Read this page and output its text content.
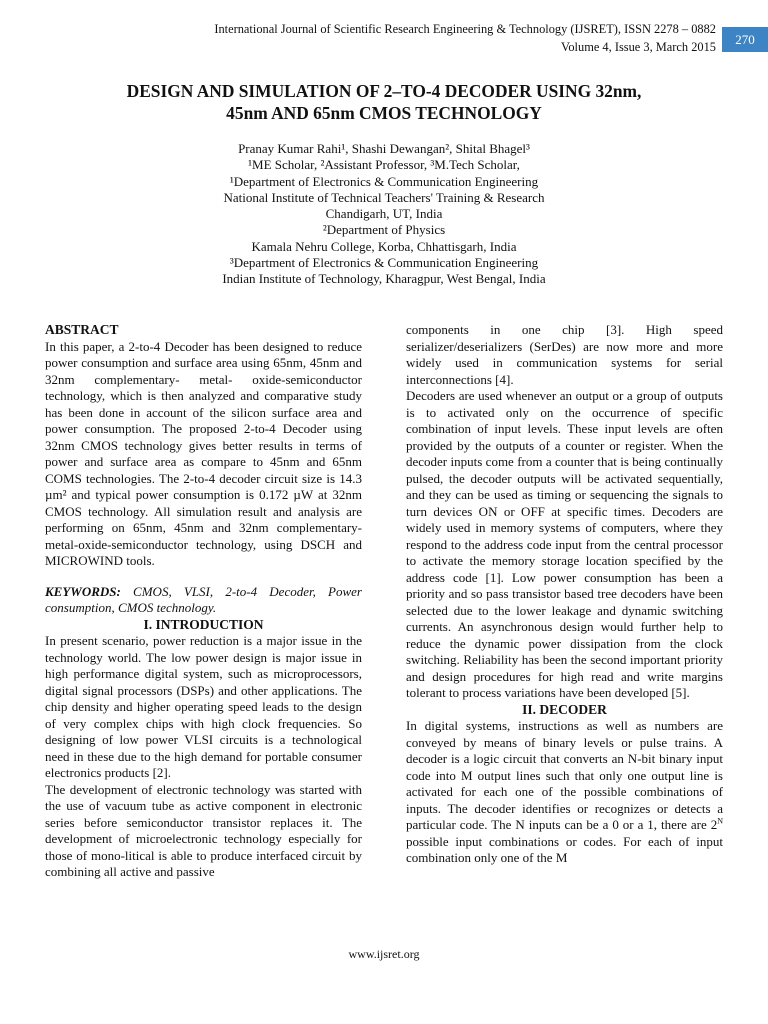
International Journal of Scientific Research Engineering & Technology (IJSRET), ISSN 2278 – 0882
Volume 4, Issue 3, March 2015	270
DESIGN AND SIMULATION OF 2–TO-4 DECODER USING 32nm,
45nm AND 65nm CMOS TECHNOLOGY
Pranay Kumar Rahi¹, Shashi Dewangan², Shital Bhagel³
¹ME Scholar, ²Assistant Professor, ³M.Tech Scholar,
¹Department of Electronics & Communication Engineering
National Institute of Technical Teachers' Training & Research
Chandigarh, UT, India
²Department of Physics
Kamala Nehru College, Korba, Chhattisgarh, India
³Department of Electronics & Communication Engineering
Indian Institute of Technology, Kharagpur, West Bengal, India

ABSTRACT

In this paper, a 2-to-4 Decoder has been designed to reduce power consumption and surface area using 65nm, 45nm and 32nm complementary- metal- oxide-semiconductor technology, which is then analyzed and comparative study has been done in account of the silicon surface area and power consumption. The proposed 2-to-4 Decoder using 32nm CMOS technology gives better results in terms of power and surface area as compare to 45nm and 65nm COMS technologies. The 2-to-4 decoder circuit size is 14.3 µm² and typical power consumption is 0.172 µW at 32nm CMOS technology. All simulation result and analysis are performing on 65nm, 45nm and 32nm complementary-metal-oxide-semiconductor technology, using DSCH and MICROWIND tools.

KEYWORDS: CMOS, VLSI, 2-to-4 Decoder, Power consumption, CMOS technology.

I. INTRODUCTION

In present scenario, power reduction is a major issue in the technology world. The low power design is major issue in high performance digital system, such as microprocessors, digital signal processors (DSPs) and other applications. The chip density and higher operating speed leads to the design of very complex chips with high clock frequencies. So designing of low power VLSI circuits is a technological need in these due to the high demand for portable consumer electronics products [2].

The development of electronic technology was started with the use of vacuum tube as active component in electronic series before semiconductor transistor replaces it. The development of microelectronic technology especially for those of mono-litical is able to produce interfaced circuit by combining all active and passive

components in one chip [3]. High speed serializer/deserializers (SerDes) are now more and more widely used in communication systems for serial interconnections [4].

Decoders are used whenever an output or a group of outputs is to activated only on the occurrence of specific combination of input levels. These input levels are often provided by the outputs of a counter or register. When the decoder inputs come from a counter that is being continually pulsed, the decoder outputs will be activated sequentially, and they can be used as timing or sequencing the signals to turn devices ON or OFF at specific times. Decoders are widely used in memory systems of computers, where they respond to the address code input from the central processor to activate the memory storage location specified by the address code [1]. Low power consumption has been a priority and so pass transistor based tree decoders have been selected due to the lower leakage and dynamic switching currents. An asynchronous design would further help to reduce the dynamic power dissipation from the clock switching. Reliability has been the second important priority and design procedures for high read and write margins tolerant to process variations have been developed [5].

II. DECODER

In digital systems, instructions as well as numbers are conveyed by means of binary levels or pulse trains. A decoder is a logic circuit that converts an N-bit binary input code into M output lines such that only one output line is activated for each one of the possible combinations of inputs. The decoder identifies or recognizes or detects a particular code. The N inputs can be a 0 or a 1, there are $2^N$ possible input combinations or codes. For each of input combination only one of the M

www.ijsret.org
